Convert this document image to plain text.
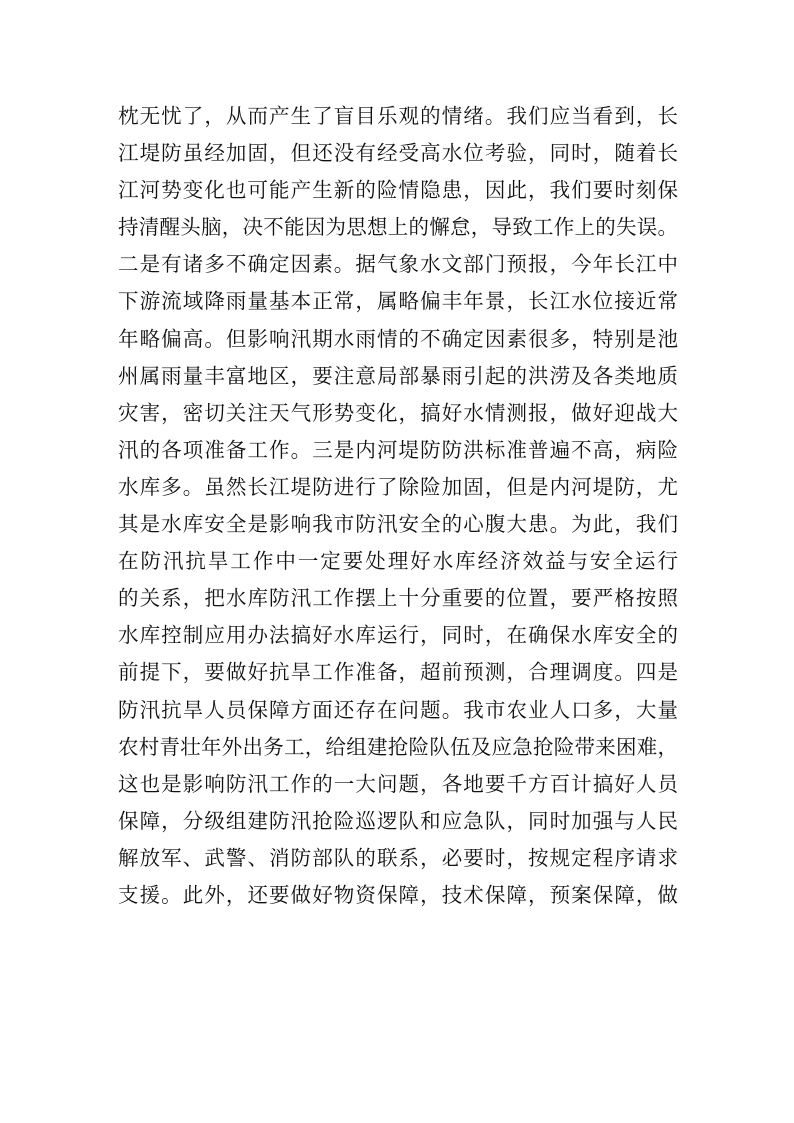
枕无忧了，从而产生了盲目乐观的情绪。我们应当看到，长
江堤防虽经加固，但还没有经受高水位考验，同时，随着长
江河势变化也可能产生新的险情隐患，因此，我们要时刻保
持清醒头脑，决不能因为思想上的懈怠，导致工作上的失误。
二是有诸多不确定因素。据气象水文部门预报，今年长江中
下游流域降雨量基本正常，属略偏丰年景，长江水位接近常
年略偏高。但影响汛期水雨情的不确定因素很多，特别是池
州属雨量丰富地区，要注意局部暴雨引起的洪涝及各类地质
灾害，密切关注天气形势变化，搞好水情测报，做好迎战大
汛的各项准备工作。三是内河堤防防洪标准普遍不高，病险
水库多。虽然长江堤防进行了除险加固，但是内河堤防，尤
其是水库安全是影响我市防汛安全的心腹大患。为此，我们
在防汛抗旱工作中一定要处理好水库经济效益与安全运行
的关系，把水库防汛工作摆上十分重要的位置，要严格按照
水库控制应用办法搞好水库运行，同时，在确保水库安全的
前提下，要做好抗旱工作准备，超前预测，合理调度。四是
防汛抗旱人员保障方面还存在问题。我市农业人口多，大量
农村青壮年外出务工，给组建抢险队伍及应急抢险带来困难，
这也是影响防汛工作的一大问题，各地要千方百计搞好人员
保障，分级组建防汛抢险巡逻队和应急队，同时加强与人民
解放军、武警、消防部队的联系，必要时，按规定程序请求
支援。此外，还要做好物资保障，技术保障，预案保障，做
